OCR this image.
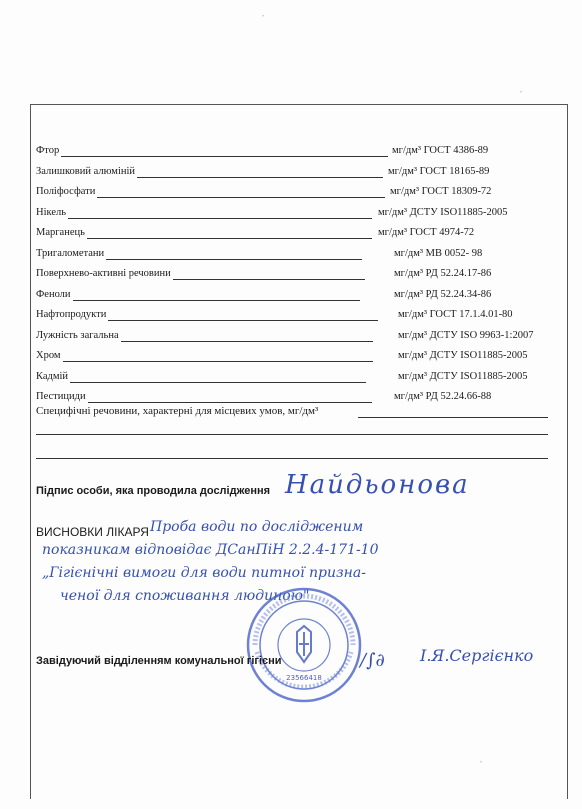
Фтор	мг/дм³ ГОСТ 4386-89
Залишковий алюміній	мг/дм³ ГОСТ 18165-89
Поліфосфати	мг/дм³ ГОСТ 18309-72
Нікель	мг/дм³ ДСТУ ISO11885-2005
Марганець	мг/дм³ ГОСТ 4974-72
Тригалометани	мг/дм³ МВ 0052- 98
Поверхнево-активні речовини	мг/дм³ РД 52.24.17-86
Феноли	мг/дм³ РД 52.24.34-86
Нафтопродукти	мг/дм³ ГОСТ 17.1.4.01-80
Лужність загальна	мг/дм³ ДСТУ ISO 9963-1:2007
Хром	мг/дм³ ДСТУ ISO11885-2005
Кадмій	мг/дм³ ДСТУ ISO11885-2005
Пестициди	мг/дм³ РД 52.24.66-88
Специфічні речовини, характерні для місцевих умов, мг/дм³
Підпис особи, яка проводила дослідження Найдьонова
ВИСНОВКИ ЛІКАРЯ Проба води по дослідженим
показникам відповідає ДСанПіН 2.2.4-171-10
„Гігієнічні вимоги для води питної призна-
ченої для споживання людиною"
23566418
Завідуючий відділенням комунальної гігієни	∕∫∂ І.Я.Сергієнко
•
•
•
